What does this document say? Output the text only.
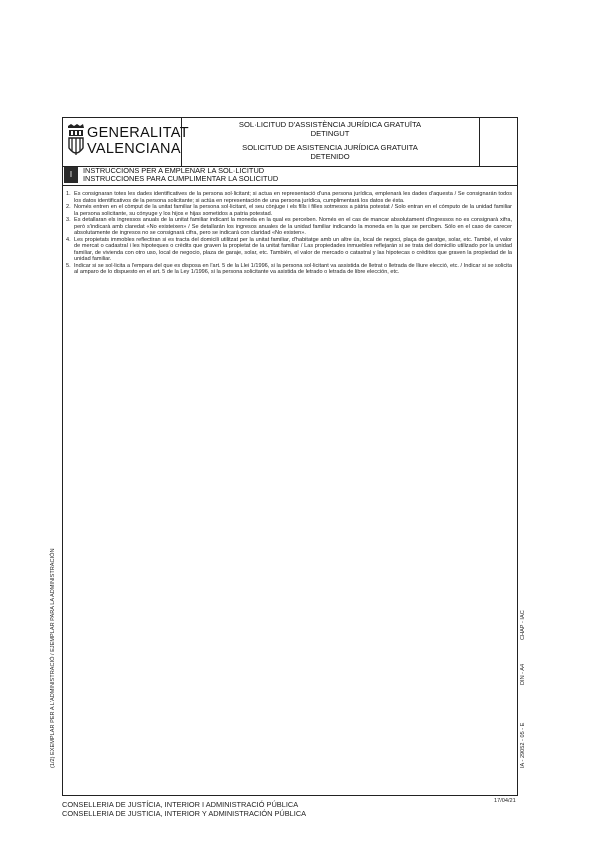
GENERALITAT
VALENCIANA
SOL·LICITUD D'ASSISTÈNCIA JURÍDICA GRATUÏTA
DETINGUT
SOLICITUD DE ASISTENCIA JURÍDICA GRATUITA
DETENIDO
I	INSTRUCCIONS PER A EMPLENAR LA SOL·LICITUD
INSTRUCCIONES PARA CUMPLIMENTAR LA SOLICITUD
1. Es consignaran totes les dades identificatives de la persona sol·licitant; si actua en representació d'una persona jurídica, emplenarà les dades d'aquesta / Se consignarán todos los datos identificativos de la persona solicitante; si actúa en representación de una persona jurídica, cumplimentará los datos de ésta.
2. Només entren en el còmput de la unitat familiar la persona sol·licitant, el seu cònjuge i els fills i filles sotmesos a pàtria potestat / Solo entran en el cómputo de la unidad familiar la persona solicitante, su cónyuge y los hijos e hijas sometidos a patria potestad.
3. Es detallaran els ingressos anuals de la unitat familiar indicant la moneda en la qual es perceben. Només en el cas de mancar absolutament d'ingressos no es consignarà xifra, però s'indicarà amb claredat «No existeixen» / Se detallarán los ingresos anuales de la unidad familiar indicando la moneda en la que se perciben. Sólo en el caso de carecer absolutamente de ingresos no se consignará cifra, pero se indicará con claridad «No existen».
4. Les propietats immobles reflectiran si es tracta del domicili utilitzat per la unitat familiar, d'habitatge amb un altre ús, local de negoci, plaça de garatge, solar, etc. També, el valor de mercat o cadastral i les hipoteques o crèdits que graven la propietat de la unitat familiar / Las propiedades inmuebles reflejarán si se trata del domicilio utilizado por la unidad familiar, de vivienda con otro uso, local de negocio, plaza de garaje, solar, etc. También, el valor de mercado o catastral y las hipotecas o créditos que graven la propiedad de la unidad familiar.
5. Indicar si se sol·licita a l'empara del que es disposa en l'art. 5 de la Llei 1/1996, si la persona sol·licitant va assistida de lletrat o lletrada de lliure elecció, etc. / Indicar si se solicita al amparo de lo dispuesto en el art. 5 de la Ley 1/1996, si la persona solicitante va asistida de letrado o letrada de libre elección, etc.
(1/2) EXEMPLAR PER A L'ADMINISTRACIÓ / EJEMPLAR PARA LA ADMINISTRACIÓN	IA - 29052 - 05 - E
DIN - A4
CHAP - IAC
17/04/21
CONSELLERIA DE JUSTÍCIA, INTERIOR I ADMINISTRACIÓ PÚBLICA
CONSELLERIA DE JUSTICIA, INTERIOR Y ADMINISTRACIÓN PÚBLICA
